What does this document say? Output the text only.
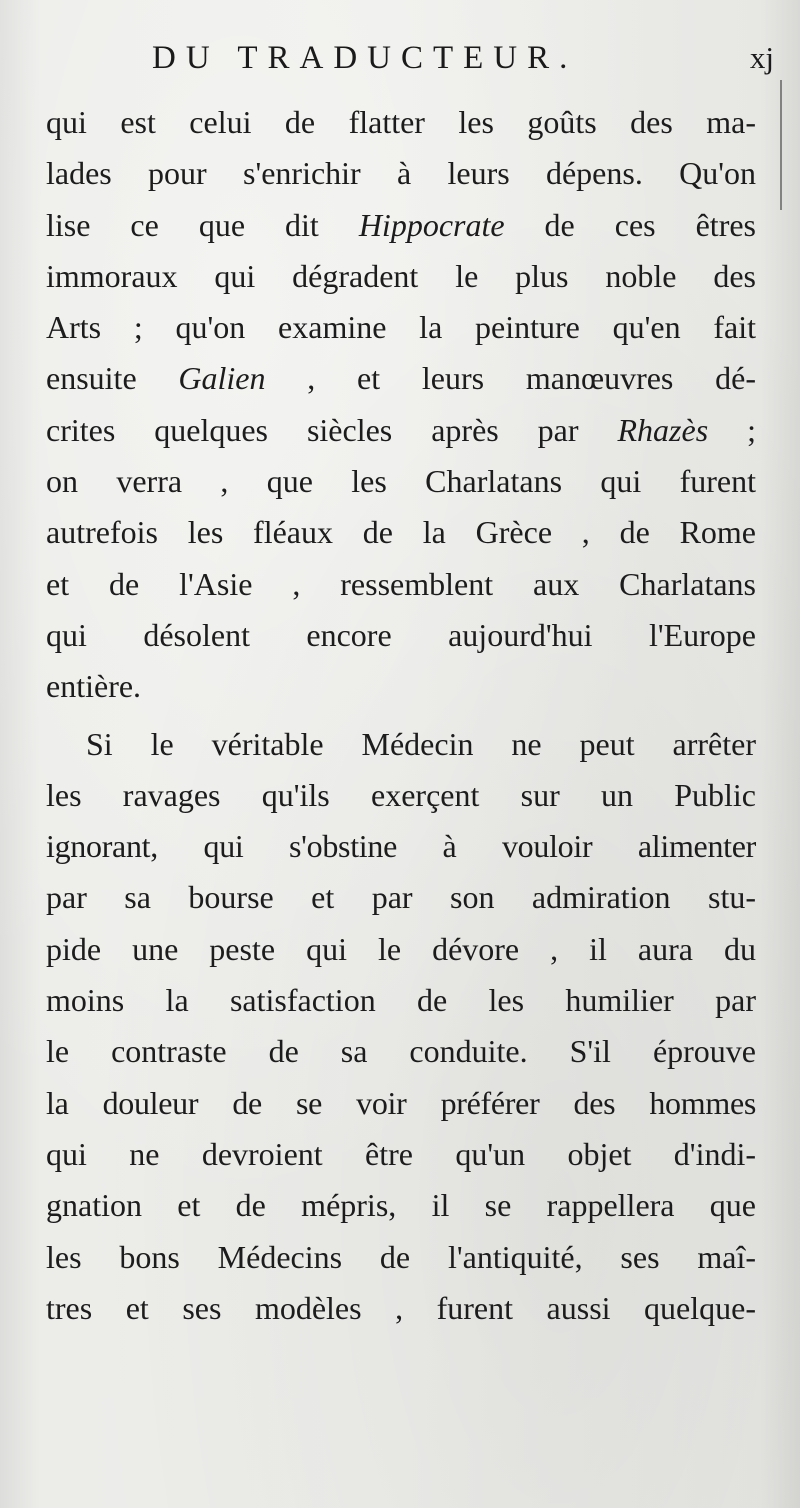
DU TRADUCTEUR.	xj
qui est celui de flatter les goûts des ma-
lades pour s'enrichir à leurs dépens. Qu'on
lise ce que dit Hippocrate de ces êtres
immoraux qui dégradent le plus noble des
Arts ; qu'on examine la peinture qu'en fait
ensuite Galien , et leurs manœuvres dé-
crites quelques siècles après par Rhazès ;
on verra , que les Charlatans qui furent
autrefois les fléaux de la Grèce , de Rome
et de l'Asie , ressemblent aux Charlatans
qui désolent encore aujourd'hui l'Europe
entière.
Si le véritable Médecin ne peut arrêter
les ravages qu'ils exerçent sur un Public
ignorant, qui s'obstine à vouloir alimenter
par sa bourse et par son admiration stu-
pide une peste qui le dévore , il aura du
moins la satisfaction de les humilier par
le contraste de sa conduite. S'il éprouve
la douleur de se voir préférer des hommes
qui ne devroient être qu'un objet d'indi-
gnation et de mépris, il se rappellera que
les bons Médecins de l'antiquité, ses maî-
tres et ses modèles , furent aussi quelque-
